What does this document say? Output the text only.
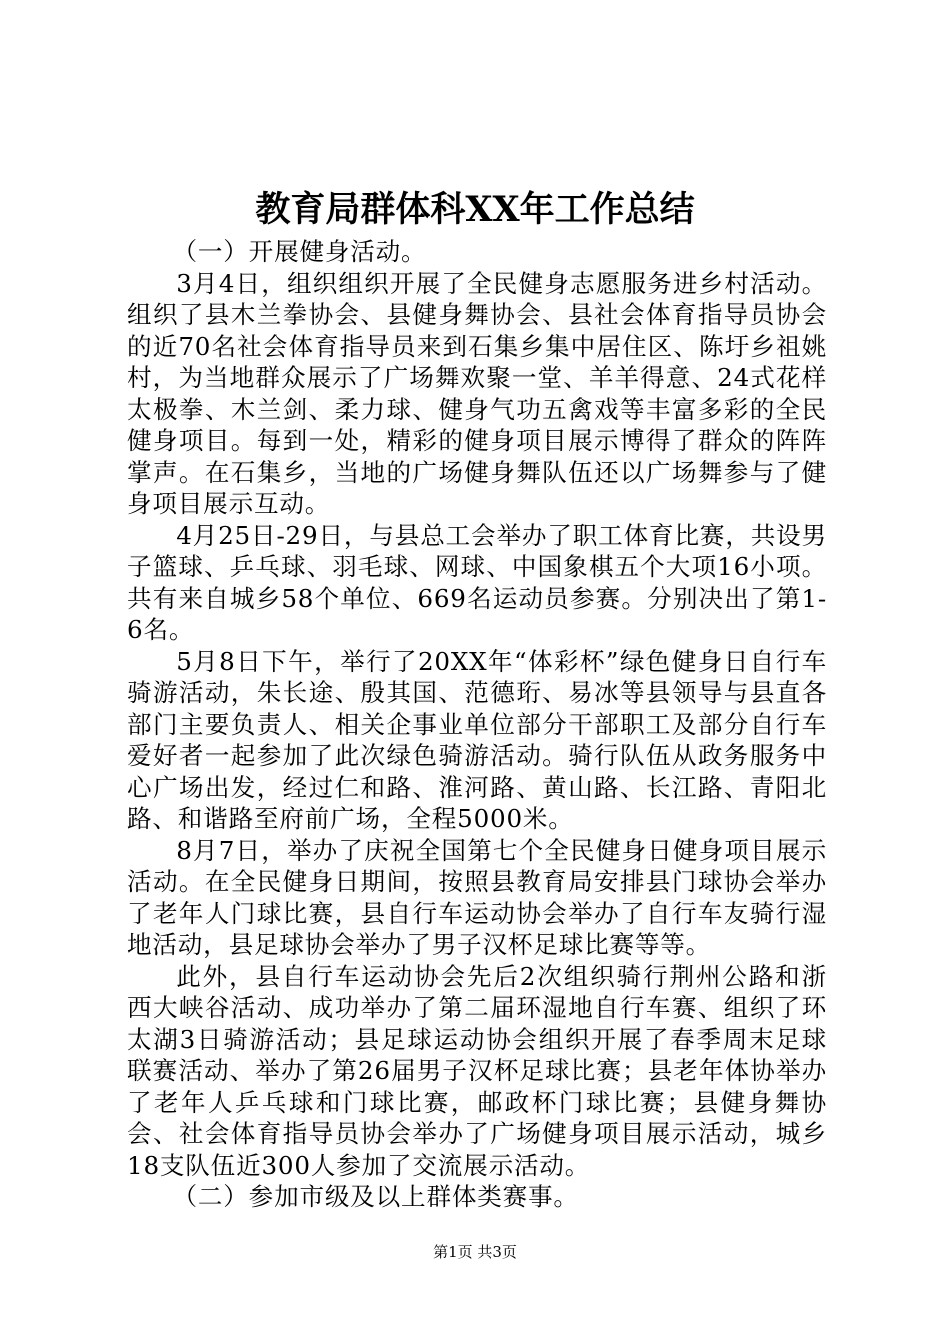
教育局群体科XX年工作总结

（一）开展健身活动。

3月4日，组织组织开展了全民健身志愿服务进乡村活动。组织了县木兰拳协会、县健身舞协会、县社会体育指导员协会的近70名社会体育指导员来到石集乡集中居住区、陈圩乡祖姚村，为当地群众展示了广场舞欢聚一堂、羊羊得意、24式花样太极拳、木兰剑、柔力球、健身气功五禽戏等丰富多彩的全民健身项目。每到一处，精彩的健身项目展示博得了群众的阵阵掌声。在石集乡，当地的广场健身舞队伍还以广场舞参与了健身项目展示互动。

4月25日-29日，与县总工会举办了职工体育比赛，共设男子篮球、乒乓球、羽毛球、网球、中国象棋五个大项16小项。共有来自城乡58个单位、669名运动员参赛。分别决出了第1-6名。

5月8日下午，举行了20XX年“体彩杯”绿色健身日自行车骑游活动，朱长途、殷其国、范德珩、易冰等县领导与县直各部门主要负责人、相关企事业单位部分干部职工及部分自行车爱好者一起参加了此次绿色骑游活动。骑行队伍从政务服务中心广场出发，经过仁和路、淮河路、黄山路、长江路、青阳北路、和谐路至府前广场，全程5000米。

8月7日，举办了庆祝全国第七个全民健身日健身项目展示活动。在全民健身日期间，按照县教育局安排县门球协会举办了老年人门球比赛，县自行车运动协会举办了自行车友骑行湿地活动，县足球协会举办了男子汉杯足球比赛等等。

此外，县自行车运动协会先后2次组织骑行荆州公路和浙西大峡谷活动、成功举办了第二届环湿地自行车赛、组织了环太湖3日骑游活动；县足球运动协会组织开展了春季周末足球联赛活动、举办了第26届男子汉杯足球比赛；县老年体协举办了老年人乒乓球和门球比赛，邮政杯门球比赛；县健身舞协会、社会体育指导员协会举办了广场健身项目展示活动，城乡18支队伍近300人参加了交流展示活动。

（二）参加市级及以上群体类赛事。

第1页 共3页
